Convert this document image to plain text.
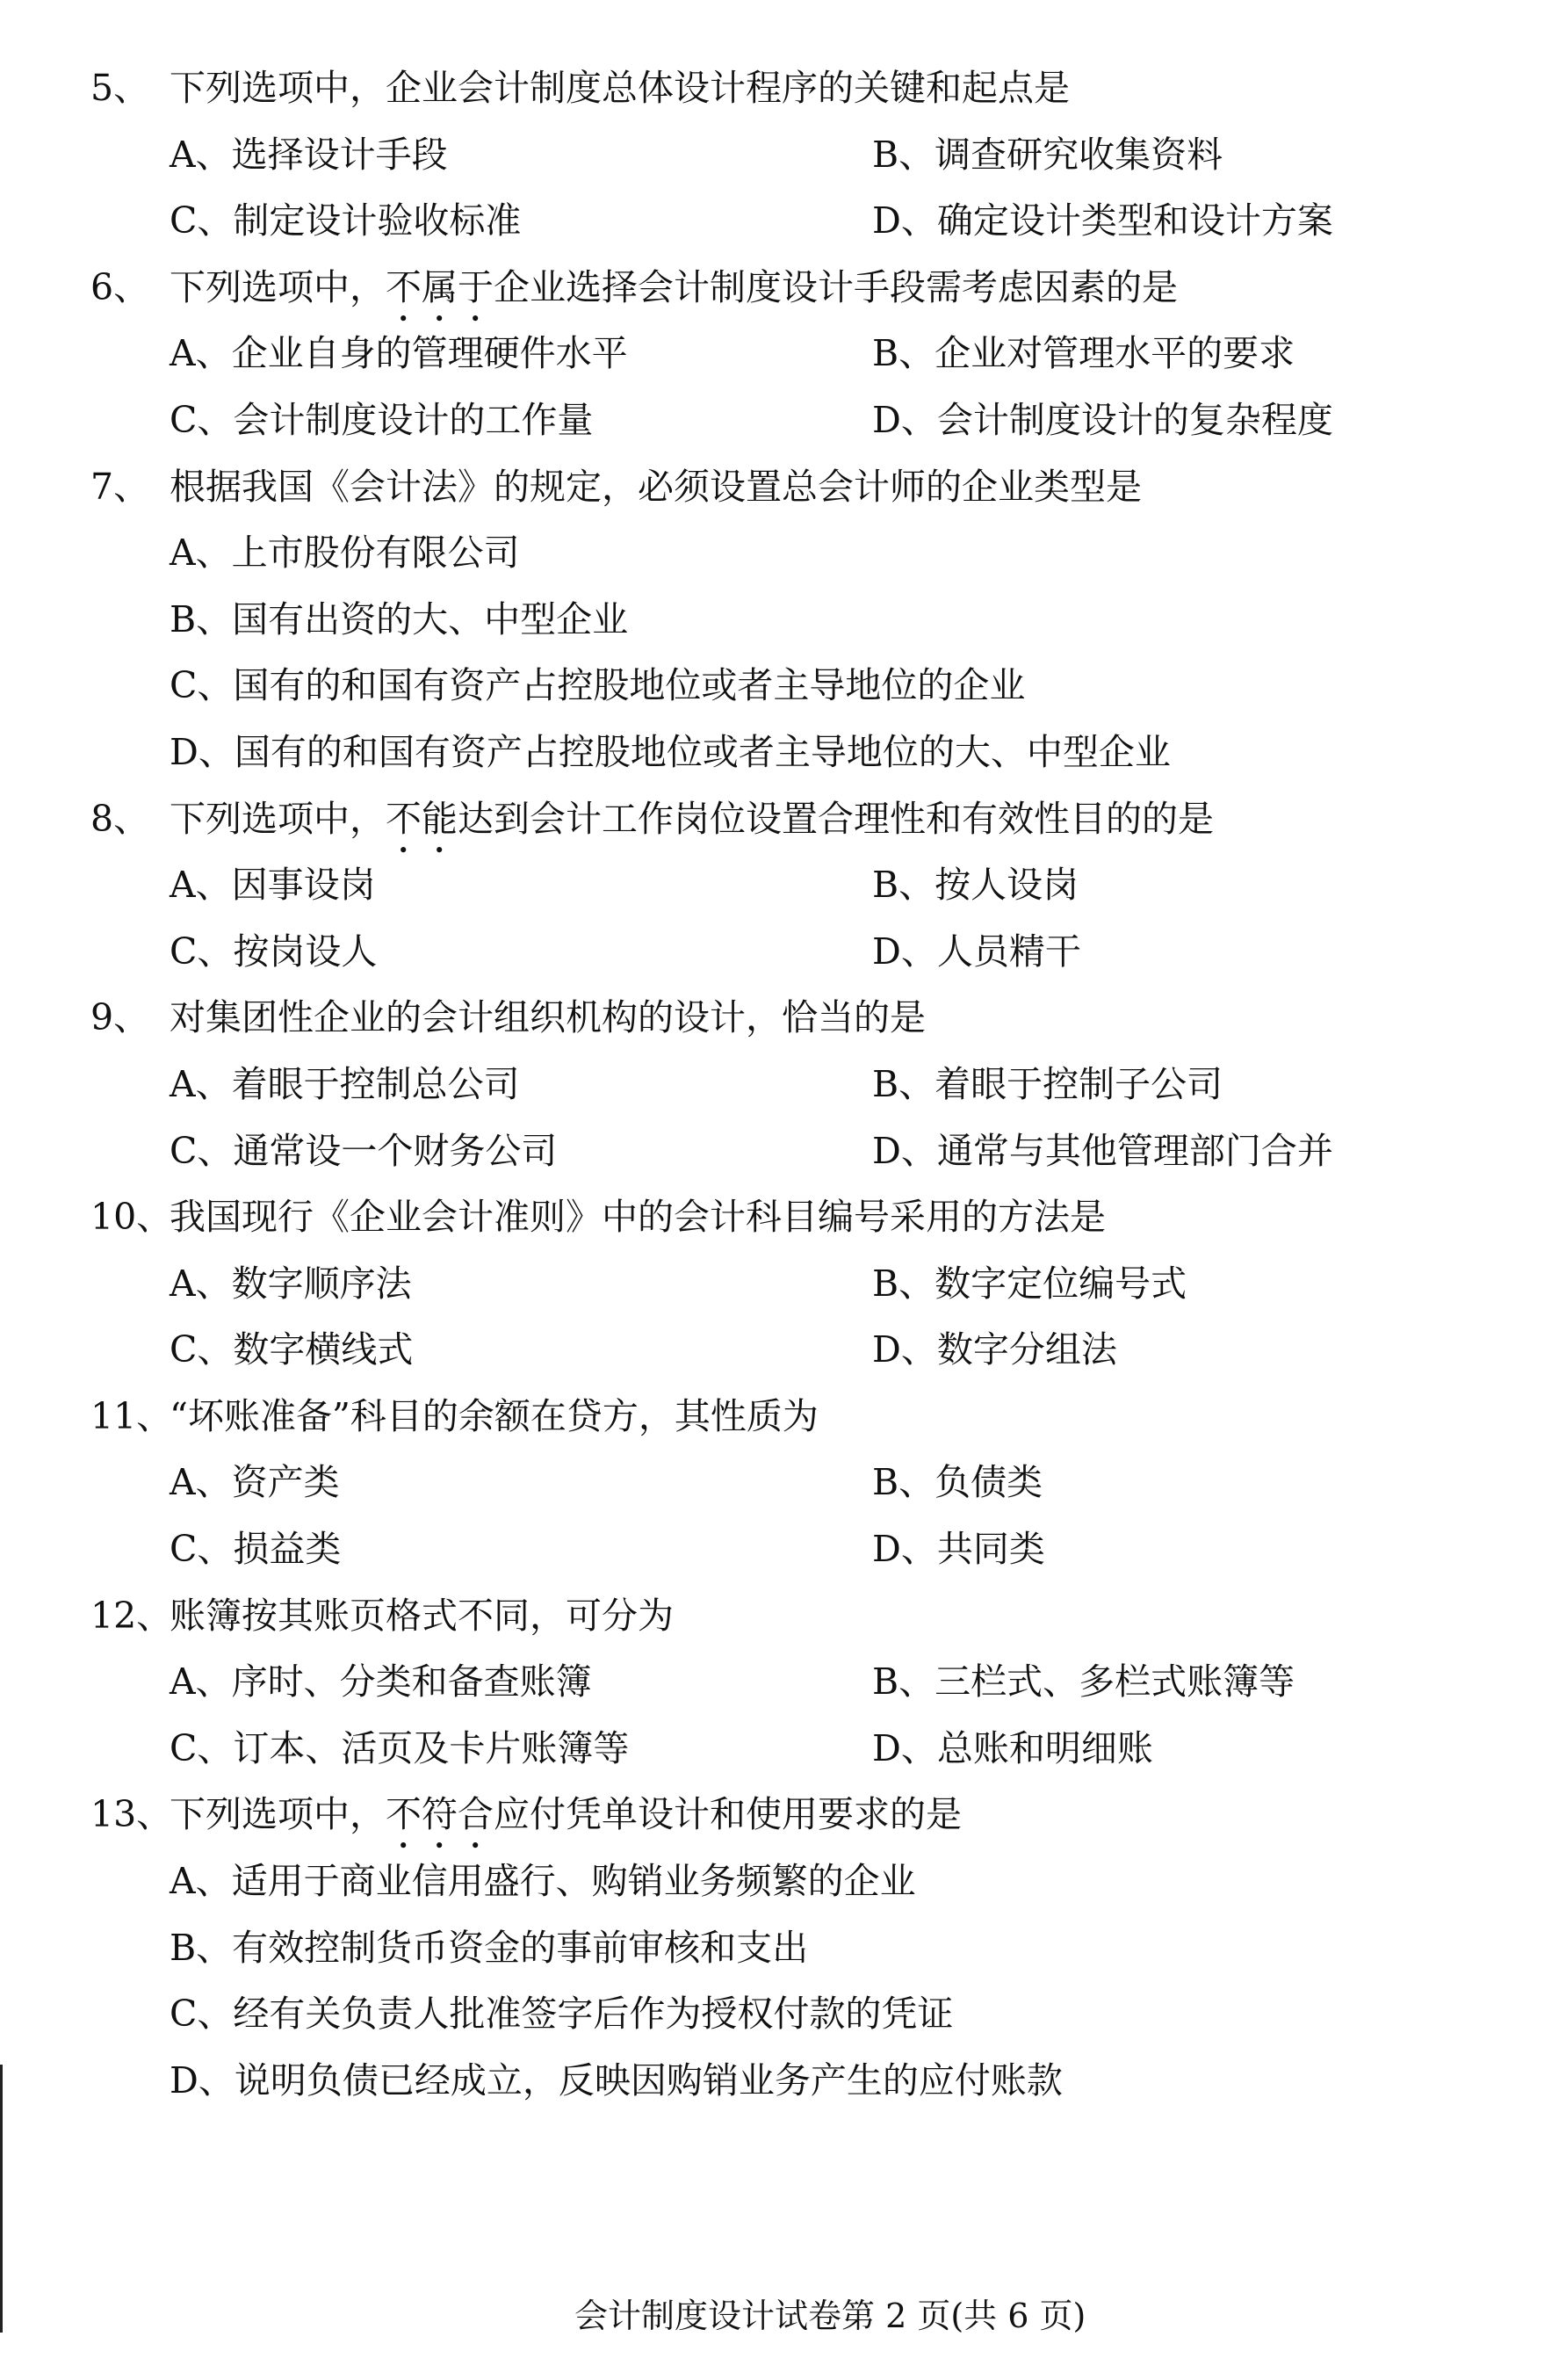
5、 下列选项中，企业会计制度总体设计程序的关键和起点是
A、选择设计手段	B、调查研究收集资料
C、制定设计验收标准	D、确定设计类型和设计方案
6、 下列选项中，不属于企业选择会计制度设计手段需考虑因素的是
A、企业自身的管理硬件水平	B、企业对管理水平的要求
C、会计制度设计的工作量	D、会计制度设计的复杂程度
7、 根据我国《会计法》的规定，必须设置总会计师的企业类型是
A、上市股份有限公司
B、国有出资的大、中型企业
C、国有的和国有资产占控股地位或者主导地位的企业
D、国有的和国有资产占控股地位或者主导地位的大、中型企业
8、 下列选项中，不能达到会计工作岗位设置合理性和有效性目的的是
A、因事设岗	B、按人设岗
C、按岗设人	D、人员精干
9、 对集团性企业的会计组织机构的设计，恰当的是
A、着眼于控制总公司	B、着眼于控制子公司
C、通常设一个财务公司	D、通常与其他管理部门合并
10、
我国现行《企业会计准则》中的会计科目编号采用的方法是
A、数字顺序法	B、数字定位编号式
C、数字横线式	D、数字分组法
11、
“坏账准备”科目的余额在贷方，其性质为
A、资产类	B、负债类
C、损益类	D、共同类
12、
账簿按其账页格式不同，可分为
A、序时、分类和备查账簿	B、三栏式、多栏式账簿等
C、订本、活页及卡片账簿等	D、总账和明细账
13、
下列选项中，不符合应付凭单设计和使用要求的是
A、适用于商业信用盛行、购销业务频繁的企业
B、有效控制货币资金的事前审核和支出
C、经有关负责人批准签字后作为授权付款的凭证
D、说明负债已经成立，反映因购销业务产生的应付账款
会计制度设计试卷第 2 页(共 6 页)
